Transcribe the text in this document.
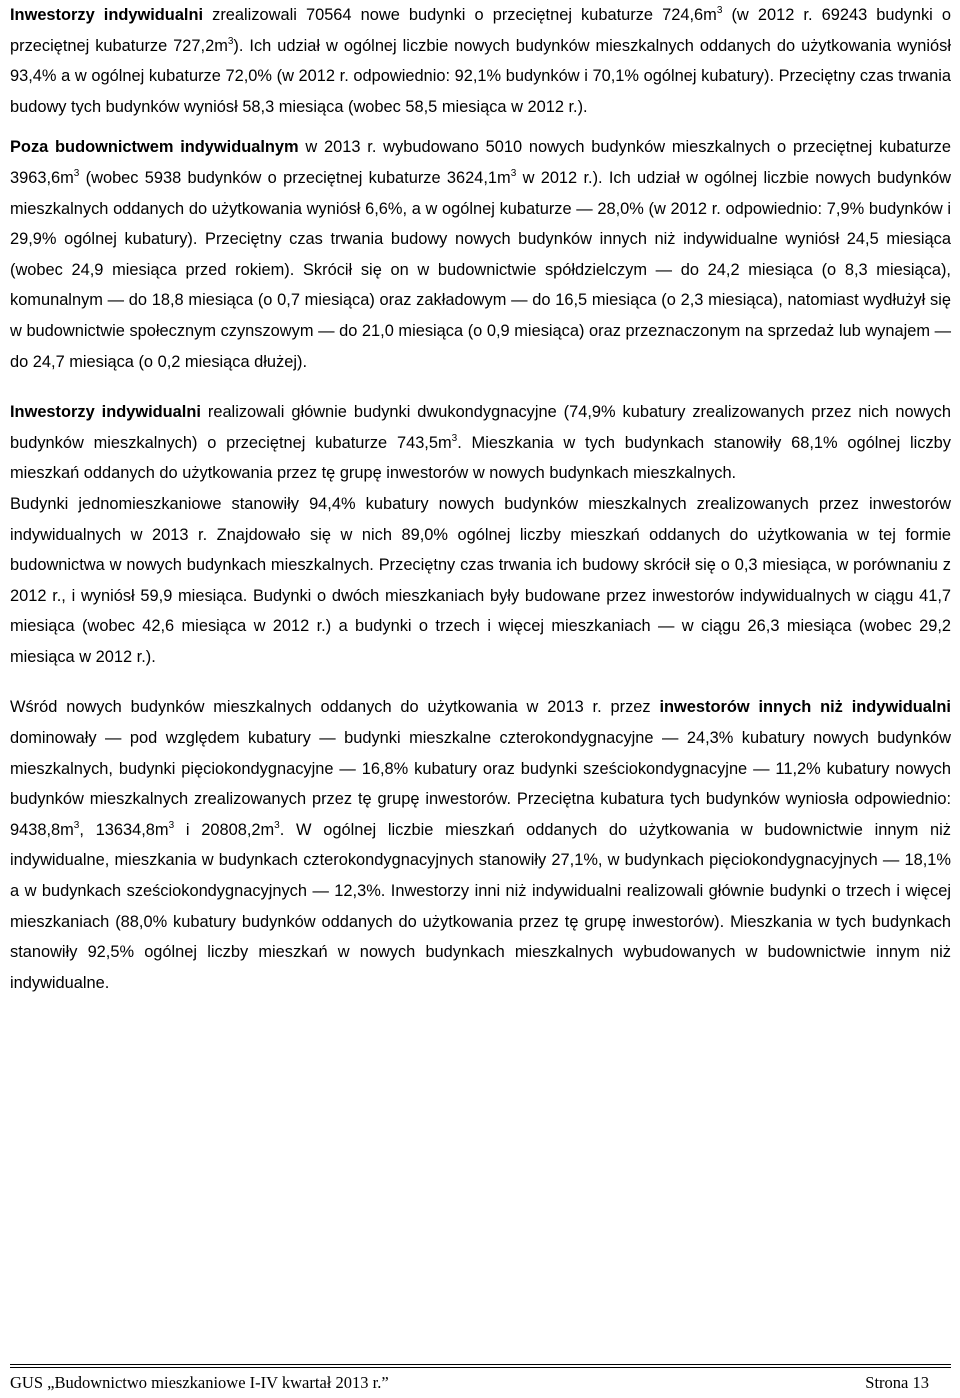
Inwestorzy indywidualni zrealizowali 70564 nowe budynki o przeciętnej kubaturze $724,6m^3$ (w 2012 r. 69243 budynki o przeciętnej kubaturze $727,2m^3$). Ich udział w ogólnej liczbie nowych budynków mieszkalnych oddanych do użytkowania wyniósł 93,4% a w ogólnej kubaturze 72,0% (w 2012 r. odpowiednio: 92,1% budynków i 70,1% ogólnej kubatury). Przeciętny czas trwania budowy tych budynków wyniósł 58,3 miesiąca (wobec 58,5 miesiąca w 2012 r.).

Poza budownictwem indywidualnym w 2013 r. wybudowano 5010 nowych budynków mieszkalnych o przeciętnej kubaturze $3963,6m^3$ (wobec 5938 budynków o przeciętnej kubaturze $3624,1m^3$ w 2012 r.). Ich udział w ogólnej liczbie nowych budynków mieszkalnych oddanych do użytkowania wyniósł 6,6%, a w ogólnej kubaturze — 28,0% (w 2012 r. odpowiednio: 7,9% budynków i 29,9% ogólnej kubatury). Przeciętny czas trwania budowy nowych budynków innych niż indywidualne wyniósł 24,5 miesiąca (wobec 24,9 miesiąca przed rokiem). Skrócił się on w budownictwie spółdzielczym — do 24,2 miesiąca (o 8,3 miesiąca), komunalnym — do 18,8 miesiąca (o 0,7 miesiąca) oraz zakładowym — do 16,5 miesiąca (o 2,3 miesiąca), natomiast wydłużył się w budownictwie społecznym czynszowym — do 21,0 miesiąca (o 0,9 miesiąca) oraz przeznaczonym na sprzedaż lub wynajem — do 24,7 miesiąca (o 0,2 miesiąca dłużej).

Inwestorzy indywidualni realizowali głównie budynki dwukondygnacyjne (74,9% kubatury zrealizowanych przez nich nowych budynków mieszkalnych) o przeciętnej kubaturze $743,5m^3$. Mieszkania w tych budynkach stanowiły 68,1% ogólnej liczby mieszkań oddanych do użytkowania przez tę grupę inwestorów w nowych budynkach mieszkalnych.

Budynki jednomieszkaniowe stanowiły 94,4% kubatury nowych budynków mieszkalnych zrealizowanych przez inwestorów indywidualnych w 2013 r. Znajdowało się w nich 89,0% ogólnej liczby mieszkań oddanych do użytkowania w tej formie budownictwa w nowych budynkach mieszkalnych. Przeciętny czas trwania ich budowy skrócił się o 0,3 miesiąca, w porównaniu z 2012 r., i wyniósł 59,9 miesiąca. Budynki o dwóch mieszkaniach były budowane przez inwestorów indywidualnych w ciągu 41,7 miesiąca (wobec 42,6 miesiąca w 2012 r.) a budynki o trzech i więcej mieszkaniach — w ciągu 26,3 miesiąca (wobec 29,2 miesiąca w 2012 r.).

Wśród nowych budynków mieszkalnych oddanych do użytkowania w 2013 r. przez inwestorów innych niż indywidualni dominowały — pod względem kubatury — budynki mieszkalne czterokondygnacyjne — 24,3% kubatury nowych budynków mieszkalnych, budynki pięciokondygnacyjne — 16,8% kubatury oraz budynki sześciokondygnacyjne — 11,2% kubatury nowych budynków mieszkalnych zrealizowanych przez tę grupę inwestorów. Przeciętna kubatura tych budynków wyniosła odpowiednio: $9438,8m^3$, $13634,8m^3$ i $20808,2m^3$. W ogólnej liczbie mieszkań oddanych do użytkowania w budownictwie innym niż indywidualne, mieszkania w budynkach czterokondygnacyjnych stanowiły 27,1%, w budynkach pięciokondygnacyjnych — 18,1% a w budynkach sześciokondygnacyjnych — 12,3%. Inwestorzy inni niż indywidualni realizowali głównie budynki o trzech i więcej mieszkaniach (88,0% kubatury budynków oddanych do użytkowania przez tę grupę inwestorów). Mieszkania w tych budynkach stanowiły 92,5% ogólnej liczby mieszkań w nowych budynkach mieszkalnych wybudowanych w budownictwie innym niż indywidualne.

GUS „Budownictwo mieszkaniowe I-IV kwartał 2013 r.”	Strona 13
